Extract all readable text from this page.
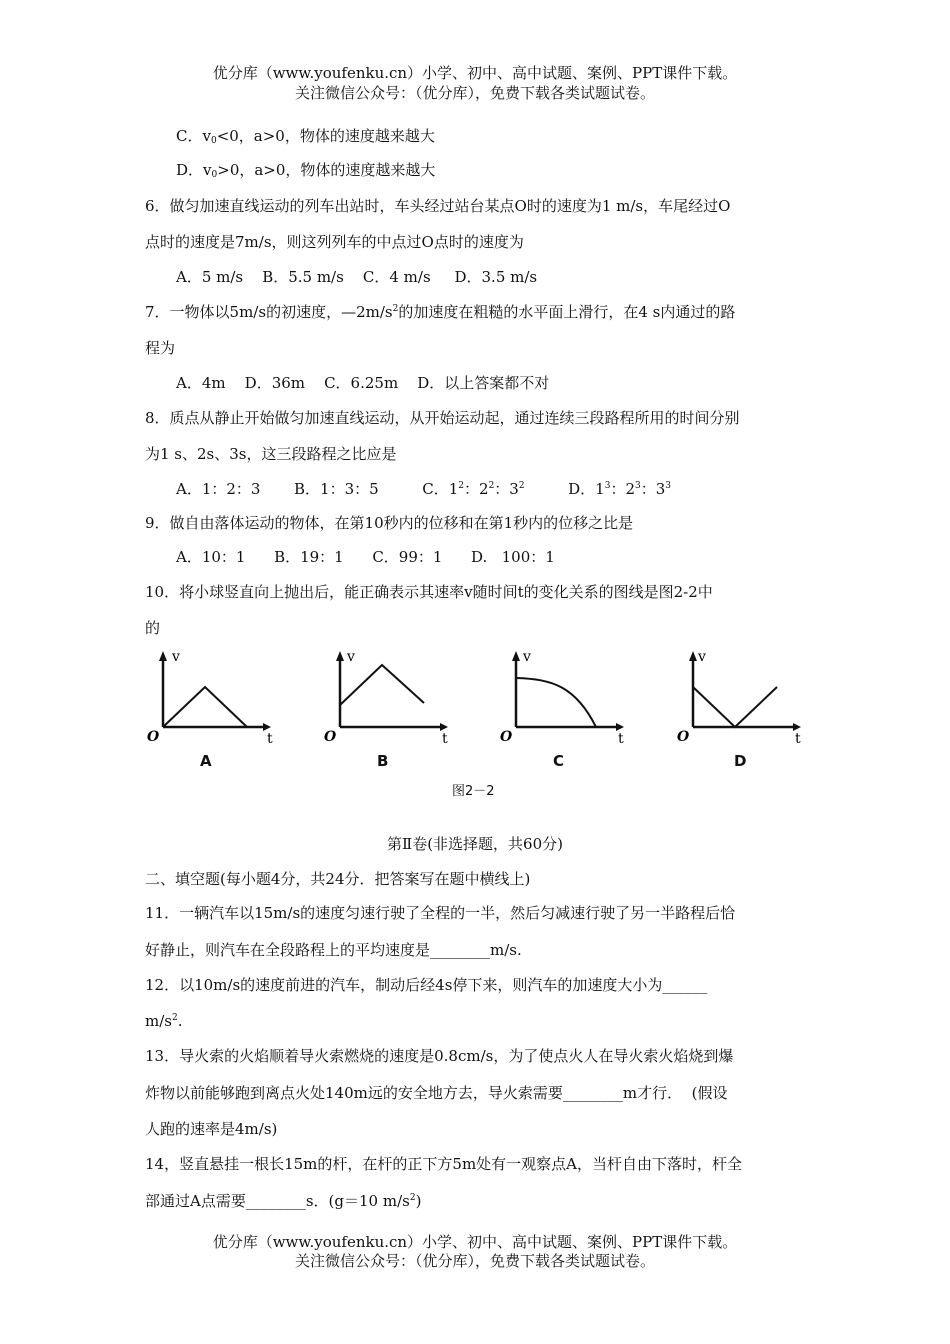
优分库（www.youfenku.cn）小学、初中、高中试题、案例、PPT课件下载。
关注微信公众号：（优分库），免费下载各类试题试卷。
C．$v_0<0$，a>0，物体的速度越来越大
D．$v_0>0$，a>0，物体的速度越来越大
6．做匀加速直线运动的列车出站时，车头经过站台某点O时的速度为1 m/s，车尾经过O
点时的速度是7m/s，则这列列车的中点过O点时的速度为
A．5 m/s    B．5.5 m/s    C．4 m/s     D．3.5 m/s
7．一物体以5m/s的初速度，$—2m/s^2$的加速度在粗糙的水平面上滑行，在4 s内通过的路
程为
A．4m    D．36m    C．6.25m    D．以上答案都不对
8．质点从静止开始做匀加速直线运动，从开始运动起，通过连续三段路程所用的时间分别
为1 s、2s、3s，这三段路程之比应是
A．1：2：3 B．1：3：5	C．$1^2$：$2^2$：$3^2$	D．$1^3$：$2^3$：$3^3$
9．做自由落体运动的物体，在第10秒内的位移和在第1秒内的位移之比是
A．10：1      B．19：1      C．99：1      D.   100：1
10．将小球竖直向上抛出后，能正确表示其速率v随时间t的变化关系的图线是图2-2中
的
v
t
O
A
v
t
O
B
v
t
O
C
v
t
O
D
图2－2
第Ⅱ卷(非选择题，共60分)
二、填空题(每小题4分，共24分．把答案写在题中横线上)
11．一辆汽车以15m/s的速度匀速行驶了全程的一半，然后匀减速行驶了另一半路程后恰
好静止，则汽车在全段路程上的平均速度是________m/s.
12．以10m/s的速度前进的汽车，制动后经4s停下来，则汽车的加速度大小为______
$m/s^2$.
13．导火索的火焰顺着导火索燃烧的速度是0.8cm/s，为了使点火人在导火索火焰烧到爆
炸物以前能够跑到离点火处140m远的安全地方去，导火索需要________m才行．  (假设
人跑的速率是4m/s)
14，竖直悬挂一根长15m的杆，在杆的正下方5m处有一观察点A，当杆自由下落时，杆全
部通过A点需要________s．(g＝10 $m/s^2$)
优分库（www.youfenku.cn）小学、初中、高中试题、案例、PPT课件下载。
关注微信公众号：（优分库），免费下载各类试题试卷。
